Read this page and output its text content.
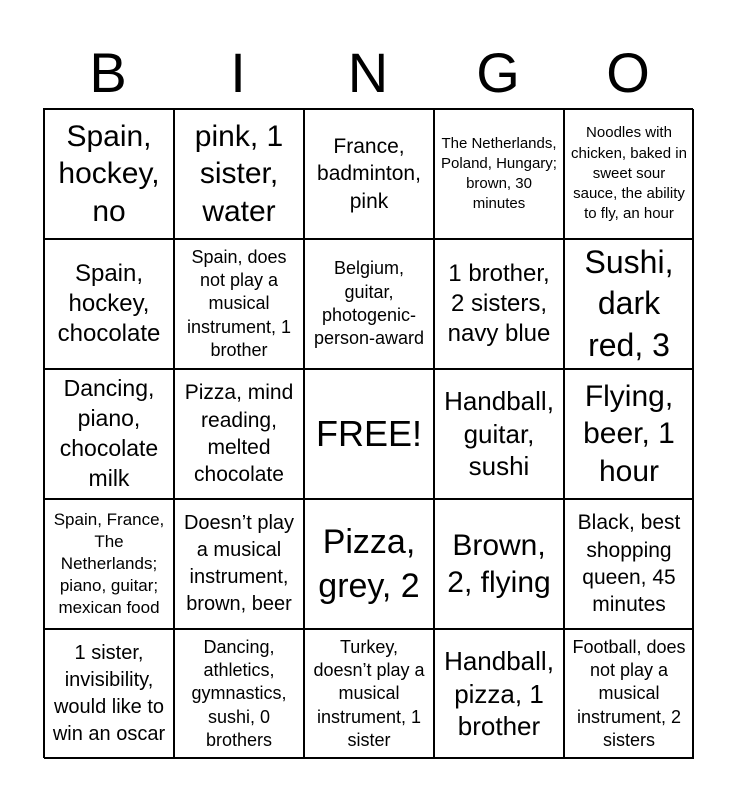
B	I	N	G	O
Spain, hockey, no
pink, 1 sister, water
France, badminton, pink
The Netherlands, Poland, Hungary; brown, 30 minutes
Noodles with chicken, baked in sweet sour sauce, the ability to fly, an hour
Spain, hockey, chocolate
Spain, does not play a musical instrument, 1 brother
Belgium, guitar, photogenic-person-award
1 brother, 2 sisters, navy blue
Sushi, dark red, 3
Dancing, piano, chocolate milk
Pizza, mind reading, melted chocolate
FREE!
Handball, guitar, sushi
Flying, beer, 1 hour
Spain, France, The Netherlands; piano, guitar; mexican food
Doesn’t play a musical instrument, brown, beer
Pizza, grey, 2
Brown, 2, flying
Black, best shopping queen, 45 minutes
1 sister, invisibility, would like to win an oscar
Dancing, athletics, gymnastics, sushi, 0 brothers
Turkey, doesn’t play a musical instrument, 1 sister
Handball, pizza, 1 brother
Football, does not play a musical instrument, 2 sisters
